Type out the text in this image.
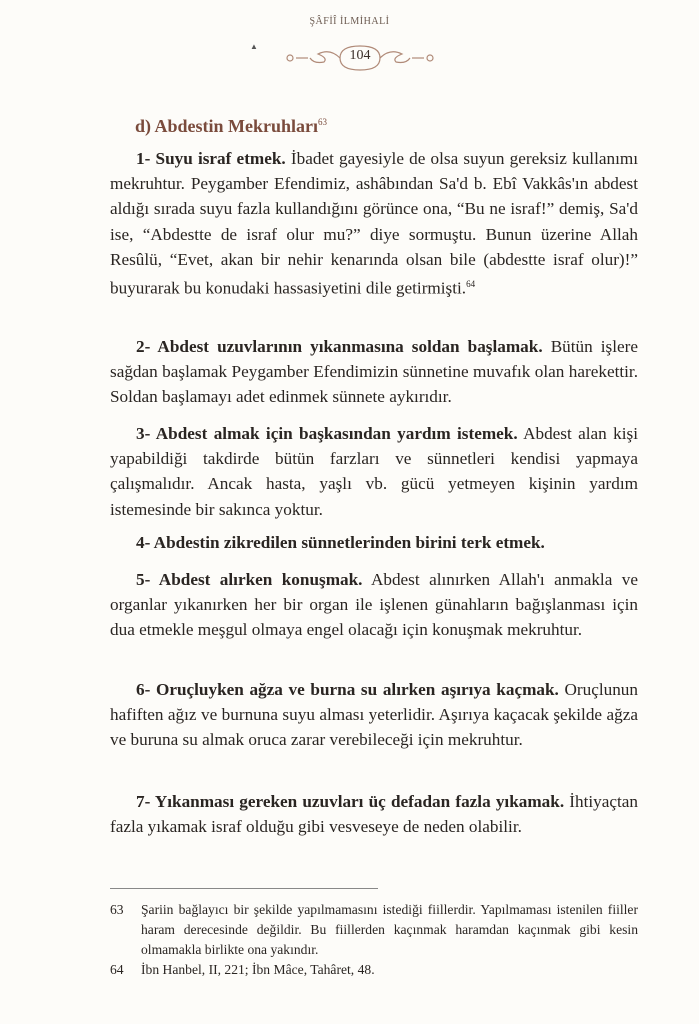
ŞÂFİÎ İLMİHALİ
▲
104
d) Abdestin Mekruhları$^{63}$
1- Suyu israf etmek. İbadet gayesiyle de olsa suyun gereksiz kullanımı mekruhtur. Peygamber Efendimiz, ashâbından Sa'd b. Ebî Vakkâs'ın abdest aldığı sırada suyu fazla kullandığını görünce ona, “Bu ne israf!” demiş, Sa'd ise, “Abdestte de israf olur mu?” diye sormuştu. Bunun üzerine Allah Resûlü, “Evet, akan bir nehir kenarında olsan bile (abdestte israf olur)!” buyurarak bu konudaki hassasiyetini dile getirmişti.$^{64}$
2- Abdest uzuvlarının yıkanmasına soldan başlamak. Bütün işlere sağdan başlamak Peygamber Efendimizin sünnetine muvafık olan harekettir. Soldan başlamayı adet edinmek sünnete aykırıdır.
3- Abdest almak için başkasından yardım istemek. Abdest alan kişi yapabildiği takdirde bütün farzları ve sünnetleri kendisi yapmaya çalışmalıdır. Ancak hasta, yaşlı vb. gücü yetmeyen kişinin yardım istemesinde bir sakınca yoktur.
4- Abdestin zikredilen sünnetlerinden birini terk etmek.
5- Abdest alırken konuşmak. Abdest alınırken Allah'ı anmakla ve organlar yıkanırken her bir organ ile işlenen günahların bağışlanması için dua etmekle meşgul olmaya engel olacağı için konuşmak mekruhtur.
6- Oruçluyken ağza ve burna su alırken aşırıya kaçmak. Oruçlunun hafiften ağız ve burnuna suyu alması yeterlidir. Aşırıya kaçacak şekilde ağza ve buruna su almak oruca zarar verebileceği için mekruhtur.
7- Yıkanması gereken uzuvları üç defadan fazla yıkamak. İhtiyaçtan fazla yıkamak israf olduğu gibi vesveseye de neden olabilir.
63 Şariin bağlayıcı bir şekilde yapılmamasını istediği fiillerdir. Yapılmaması istenilen fiiller haram derecesinde değildir. Bu fiillerden kaçınmak haramdan kaçınmak gibi kesin olmamakla birlikte ona yakındır.
64 İbn Hanbel, II, 221; İbn Mâce, Tahâret, 48.
